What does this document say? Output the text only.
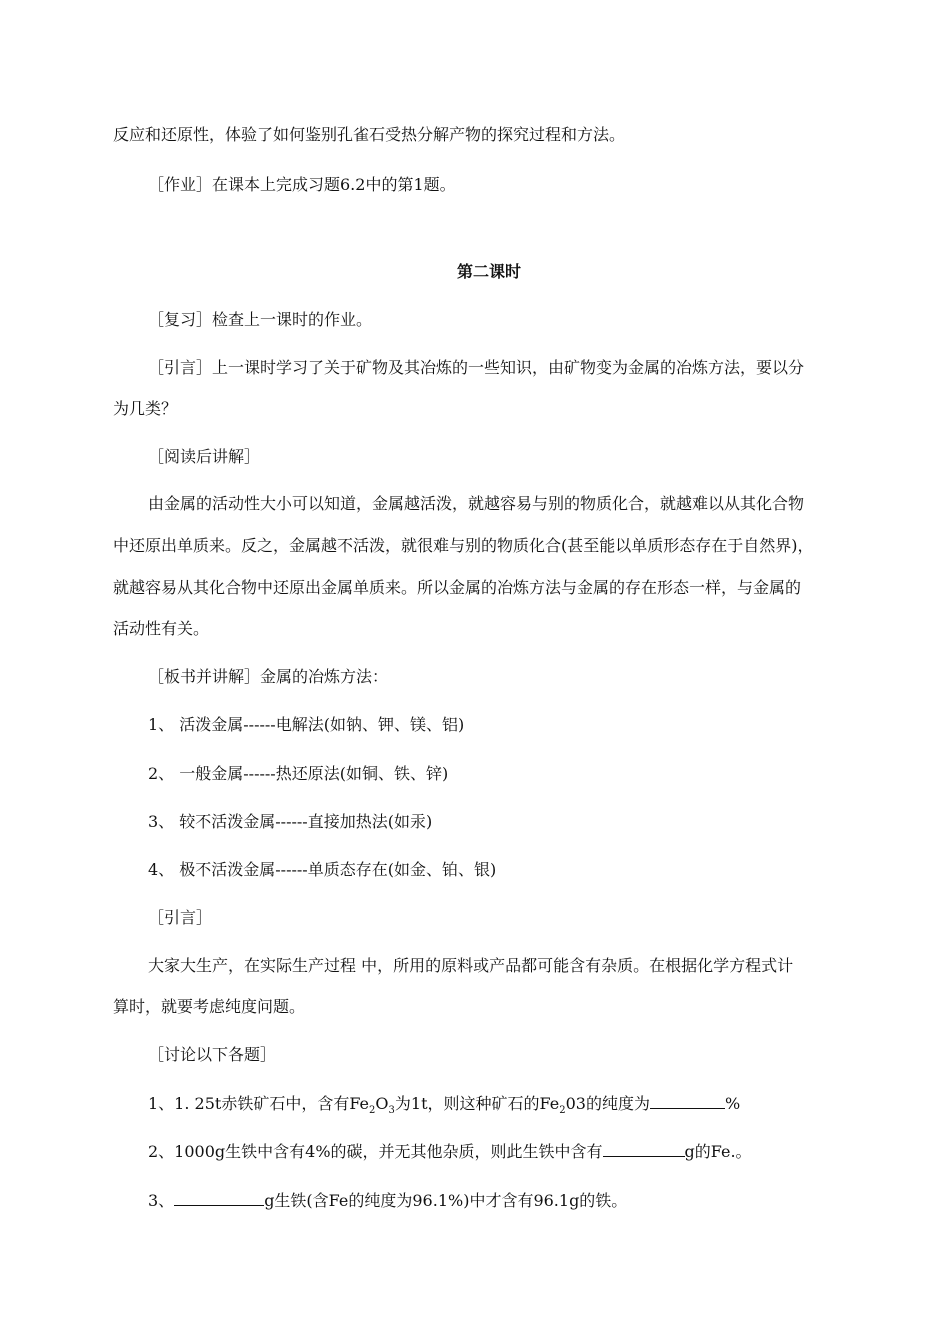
反应和还原性，体验了如何鉴别孔雀石受热分解产物的探究过程和方法。
［作业］在课本上完成习题6.2中的第1题。
第二课时
［复习］检查上一课时的作业。
［引言］上一课时学习了关于矿物及其冶炼的一些知识，由矿物变为金属的冶炼方法，要以分
为几类？
［阅读后讲解］
由金属的活动性大小可以知道，金属越活泼，就越容易与别的物质化合，就越难以从其化合物
中还原出单质来。反之，金属越不活泼，就很难与别的物质化合(甚至能以单质形态存在于自然界)，
就越容易从其化合物中还原出金属单质来。所以金属的冶炼方法与金属的存在形态一样，与金属的
活动性有关。
［板书并讲解］金属的冶炼方法：
1、 活泼金属------电解法(如钠、钾、镁、铝)
2、 一般金属------热还原法(如铜、铁、锌)
3、 较不活泼金属------直接加热法(如汞)
4、 极不活泼金属------单质态存在(如金、铂、银)
［引言］
大家大生产，在实际生产过程 中，所用的原料或产品都可能含有杂质。在根据化学方程式计
算时，就要考虑纯度问题。
［讨论以下各题］
1、1. 25t赤铁矿石中，含有$Fe_2O_3$为1t，则这种矿石的$Fe_203$的纯度为	%
2、1000g生铁中含有4%的碳，并无其他杂质，则此生铁中含有	g的Fe.。
3、	g生铁(含Fe的纯度为96.1%)中才含有96.1g的铁。
